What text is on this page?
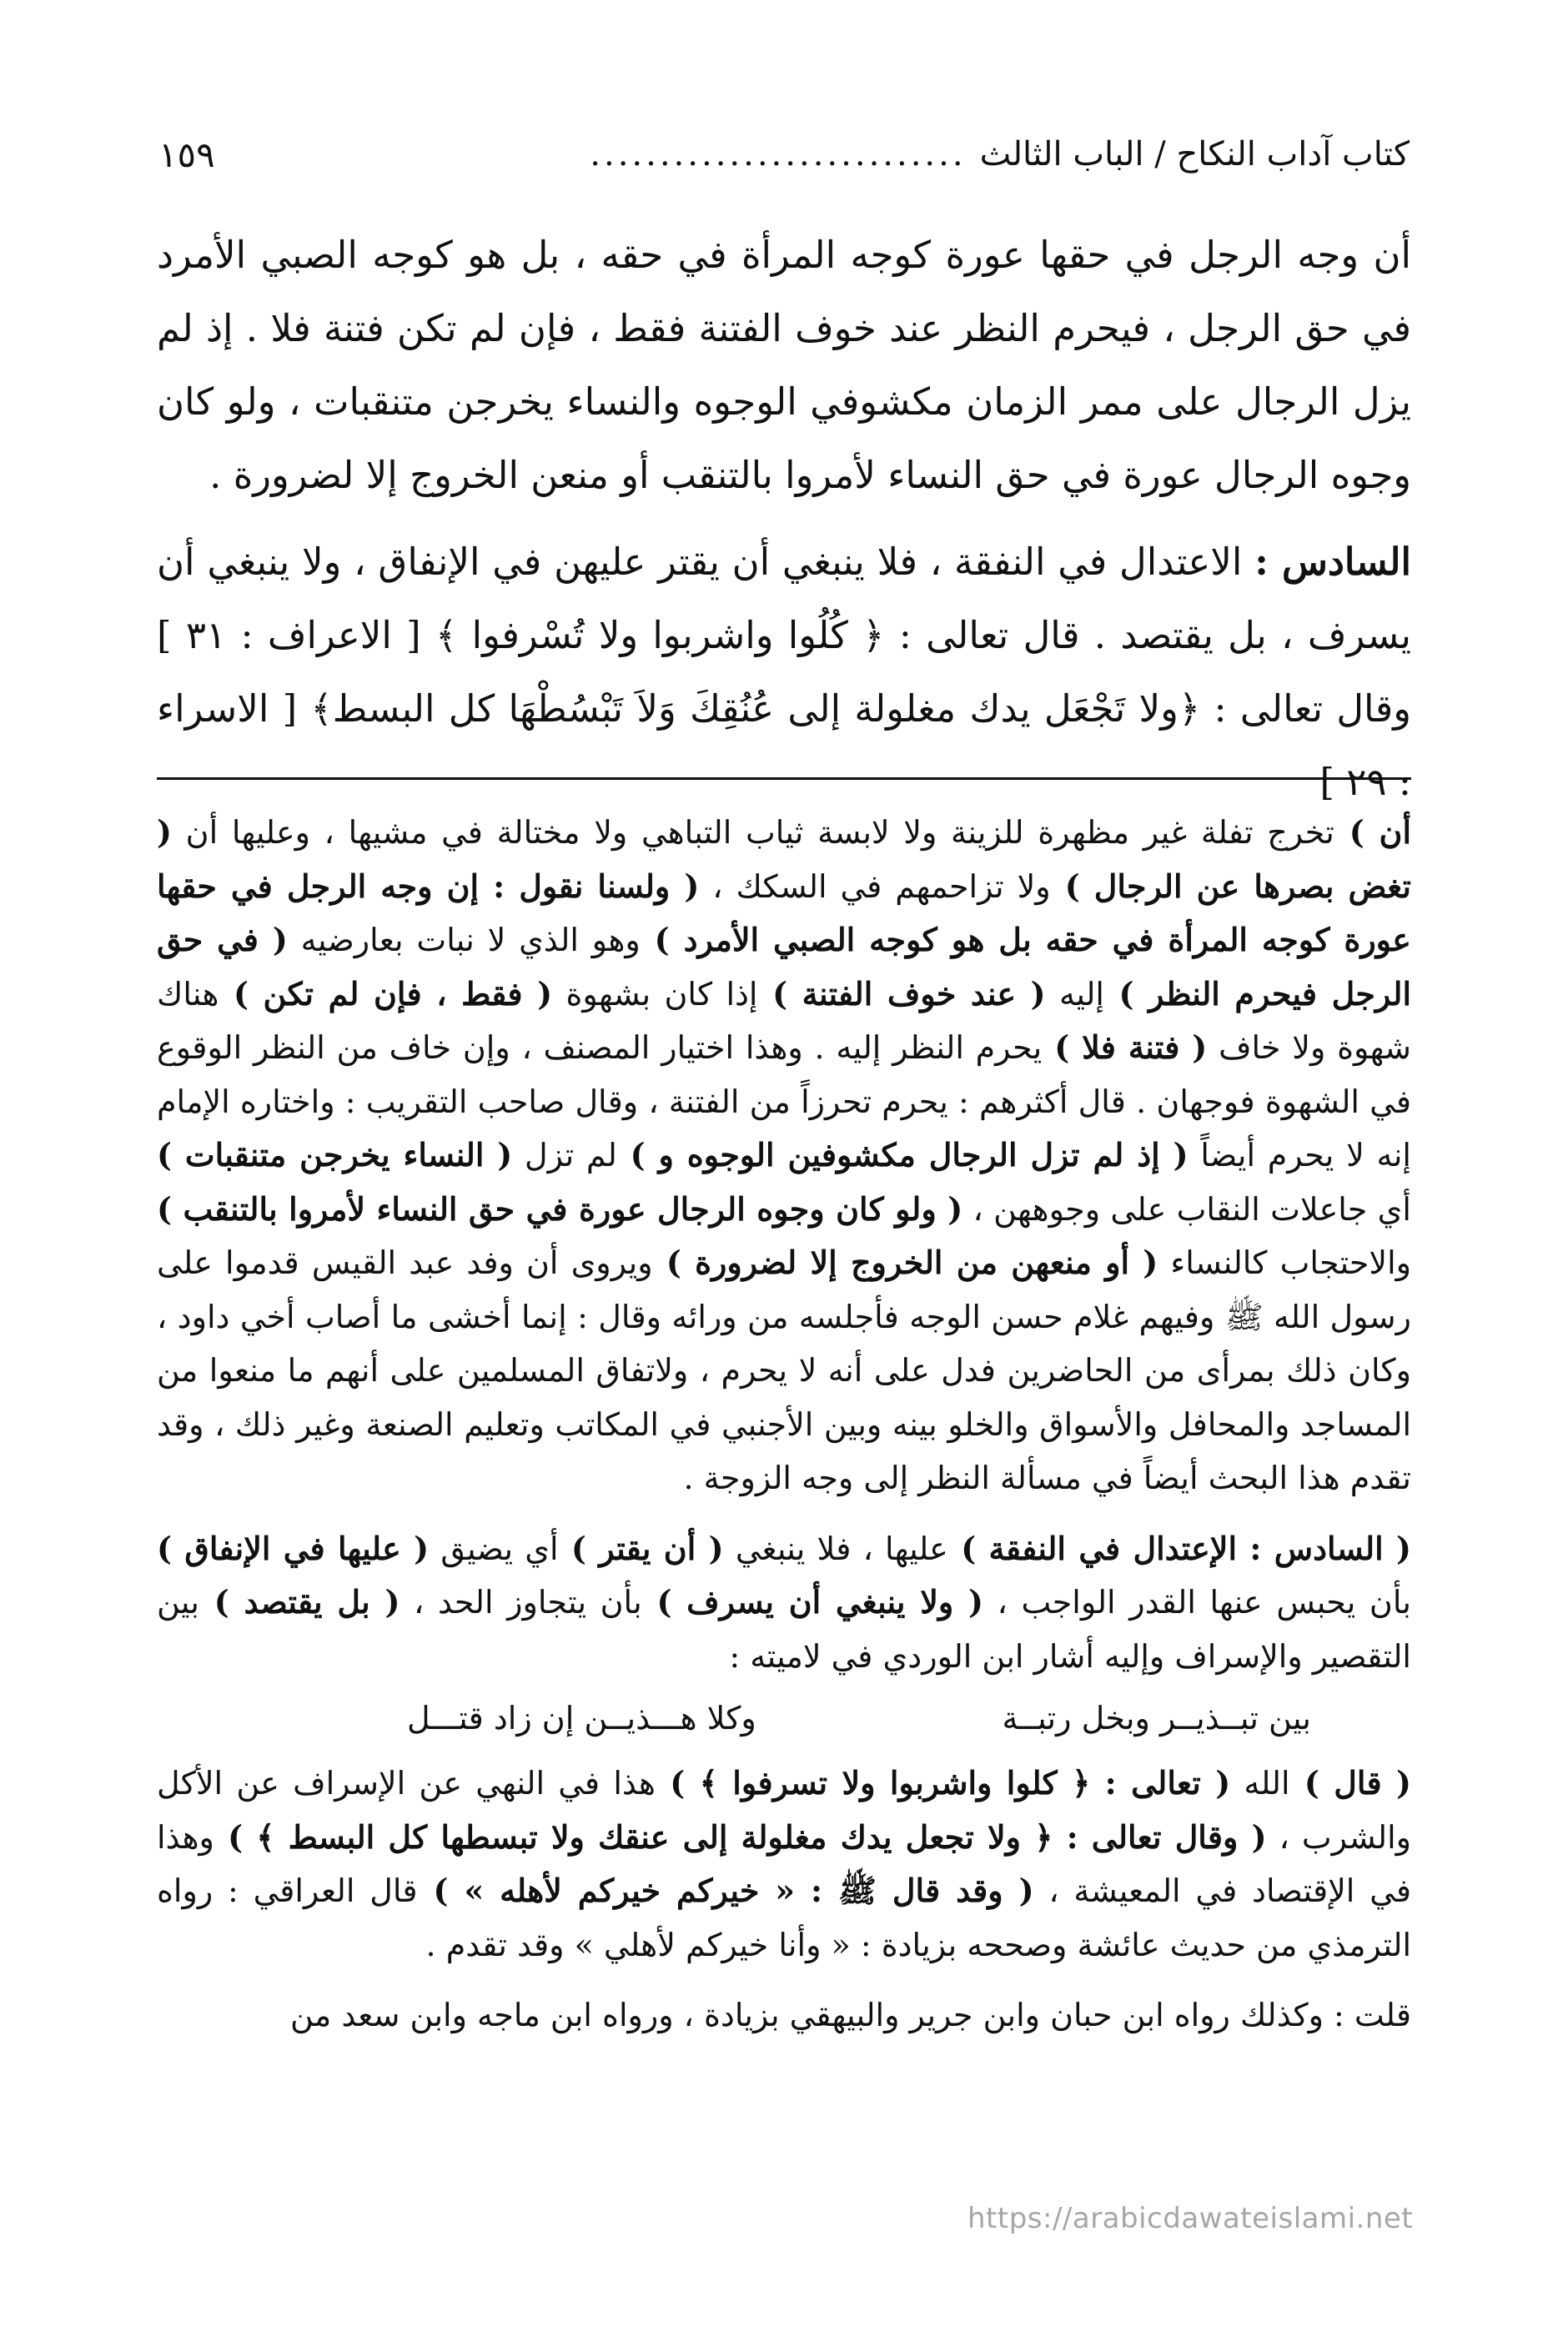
كتاب آداب النكاح / الباب الثالث
...........................
١٥٩

أن وجه الرجل في حقها عورة كوجه المرأة في حقه ، بل هو كوجه الصبي الأمرد في حق الرجل ، فيحرم النظر عند خوف الفتنة فقط ، فإن لم تكن فتنة فلا . إذ لم يزل الرجال على ممر الزمان مكشوفي الوجوه والنساء يخرجن متنقبات ، ولو كان وجوه الرجال عورة في حق النساء لأمروا بالتنقب أو منعن الخروج إلا لضرورة .

السادس : الاعتدال في النفقة ، فلا ينبغي أن يقتر عليهن في الإنفاق ، ولا ينبغي أن يسرف ، بل يقتصد . قال تعالى : ﴿ كُلُوا واشربوا ولا تُسْرفوا ﴾ [ الاعراف : ٣١ ] وقال تعالى : ﴿ولا تَجْعَل يدك مغلولة إلى عُنُقِكَ وَلاَ تَبْسُطْهَا كل البسط﴾ [ الاسراء : ٢٩ ]

أن ) تخرج تفلة غير مظهرة للزينة ولا لابسة ثياب التباهي ولا مختالة في مشيها ، وعليها أن ( تغض بصرها عن الرجال ) ولا تزاحمهم في السكك ، ( ولسنا نقول : إن وجه الرجل في حقها عورة كوجه المرأة في حقه بل هو كوجه الصبي الأمرد ) وهو الذي لا نبات بعارضيه ( في حق الرجل فيحرم النظر ) إليه ( عند خوف الفتنة ) إذا كان بشهوة ( فقط ، فإن لم تكن ) هناك شهوة ولا خاف ( فتنة فلا ) يحرم النظر إليه . وهذا اختيار المصنف ، وإن خاف من النظر الوقوع في الشهوة فوجهان . قال أكثرهم : يحرم تحرزاً من الفتنة ، وقال صاحب التقريب : واختاره الإمام إنه لا يحرم أيضاً ( إذ لم تزل الرجال مكشوفين الوجوه و ) لم تزل ( النساء يخرجن متنقبات ) أي جاعلات النقاب على وجوههن ، ( ولو كان وجوه الرجال عورة في حق النساء لأمروا بالتنقب ) والاحتجاب كالنساء ( أو منعهن من الخروج إلا لضرورة ) ويروى أن وفد عبد القيس قدموا على رسول الله ﷺ وفيهم غلام حسن الوجه فأجلسه من ورائه وقال : إنما أخشى ما أصاب أخي داود ، وكان ذلك بمرأى من الحاضرين فدل على أنه لا يحرم ، ولاتفاق المسلمين على أنهم ما منعوا من المساجد والمحافل والأسواق والخلو بينه وبين الأجنبي في المكاتب وتعليم الصنعة وغير ذلك ، وقد تقدم هذا البحث أيضاً في مسألة النظر إلى وجه الزوجة .

( السادس : الإعتدال في النفقة ) عليها ، فلا ينبغي ( أن يقتر ) أي يضيق ( عليها في الإنفاق ) بأن يحبس عنها القدر الواجب ، ( ولا ينبغي أن يسرف ) بأن يتجاوز الحد ، ( بل يقتصد ) بين التقصير والإسراف وإليه أشار ابن الوردي في لاميته :

بين تبــذيــر وبخل رتبــة
وكلا هـــذيــن إن زاد قتـــل

( قال ) الله ( تعالى : ﴿ كلوا واشربوا ولا تسرفوا ﴾ ) هذا في النهي عن الإسراف عن الأكل والشرب ، ( وقال تعالى : ﴿ ولا تجعل يدك مغلولة إلى عنقك ولا تبسطها كل البسط ﴾ ) وهذا في الإقتصاد في المعيشة ، ( وقد قال ﷺ : « خيركم خيركم لأهله » ) قال العراقي : رواه الترمذي من حديث عائشة وصححه بزيادة : « وأنا خيركم لأهلي » وقد تقدم .

قلت : وكذلك رواه ابن حبان وابن جرير والبيهقي بزيادة ، ورواه ابن ماجه وابن سعد من

https://arabicdawateislami.net
